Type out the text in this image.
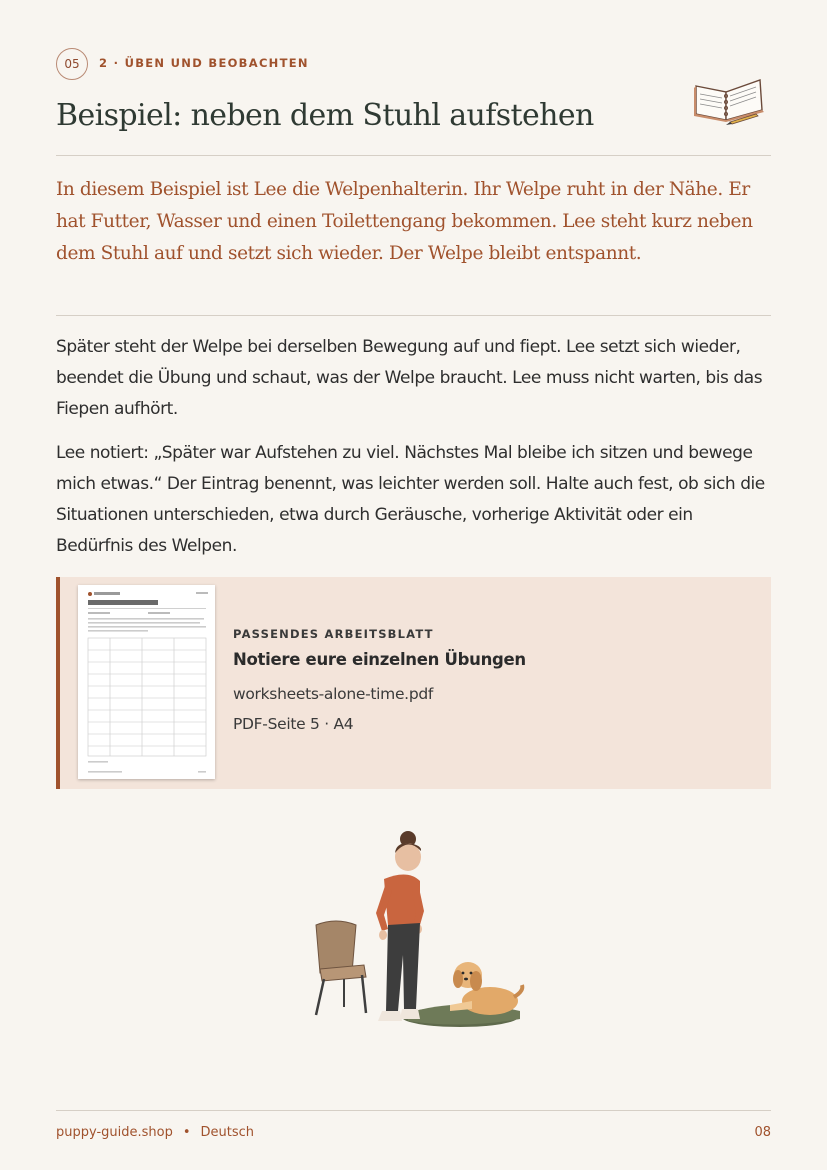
05	2 · ÜBEN UND BEOBACHTEN
Beispiel: neben dem Stuhl aufstehen

In diesem Beispiel ist Lee die Welpenhalterin. Ihr Welpe ruht in der Nähe. Er hat Futter, Wasser und einen Toilettengang bekommen. Lee steht kurz neben dem Stuhl auf und setzt sich wieder. Der Welpe bleibt entspannt.

Später steht der Welpe bei derselben Bewegung auf und fiept. Lee setzt sich wieder, beendet die Übung und schaut, was der Welpe braucht. Lee muss nicht warten, bis das Fiepen aufhört.

Lee notiert: „Später war Aufstehen zu viel. Nächstes Mal bleibe ich sitzen und bewege mich etwas.“ Der Eintrag benennt, was leichter werden soll. Halte auch fest, ob sich die Situationen unterschieden, etwa durch Geräusche, vorherige Aktivität oder ein Bedürfnis des Welpen.

PASSENDES ARBEITSBLATT
Notiere eure einzelnen Übungen
worksheets-alone-time.pdf
PDF-Seite 5 · A4
puppy-guide.shop • Deutsch	08
